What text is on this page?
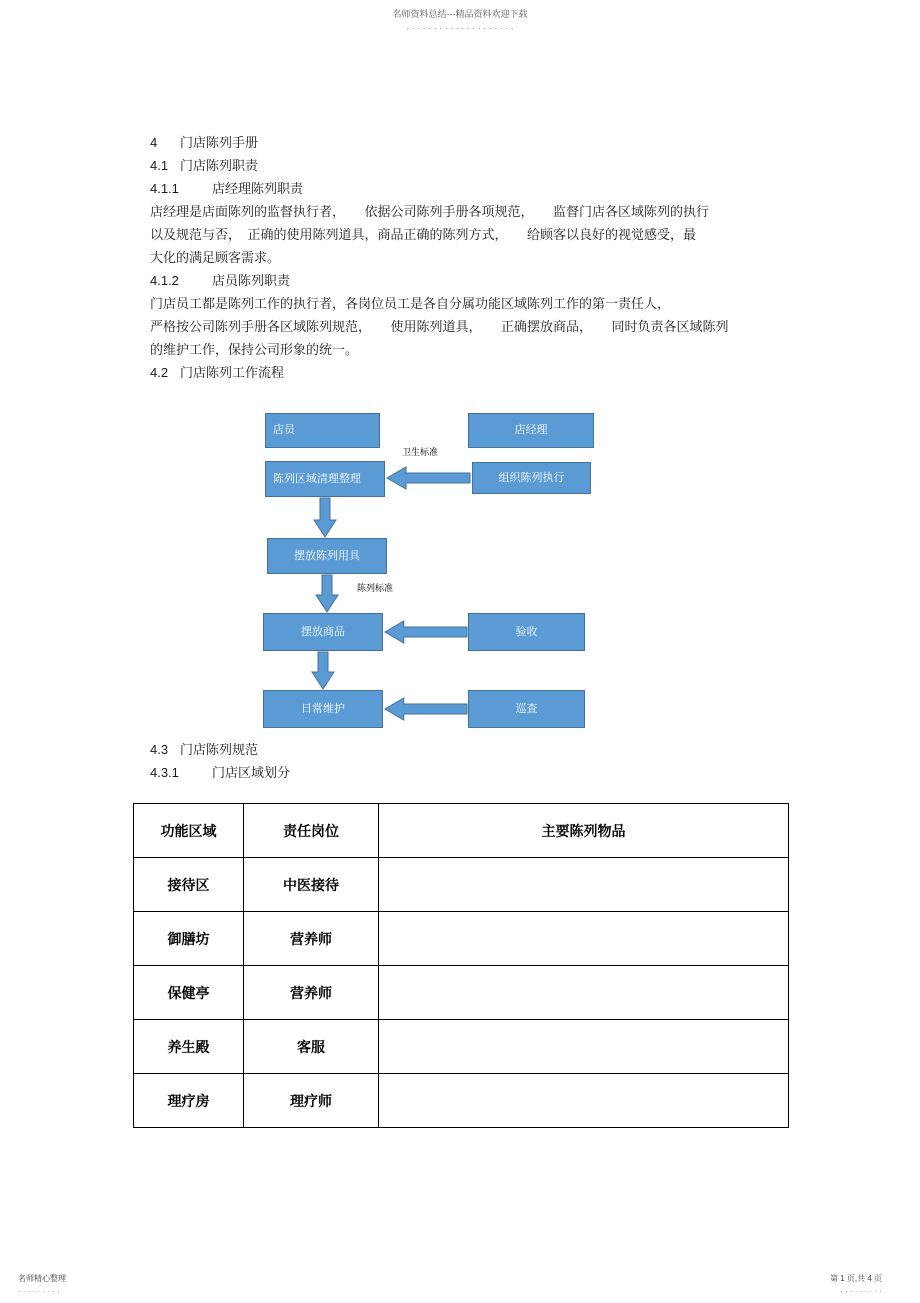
名师资料总结---精品资料欢迎下载
· · · · · · · · · · · · · · · · · · · ·
4 门店陈列手册
4.1 门店陈列职责
4.1.1	店经理陈列职责
店经理是店面陈列的监督执行者，　　依据公司陈列手册各项规范，　　监督门店各区域陈列的执行
以及规范与否，　正确的使用陈列道具，商品正确的陈列方式，　　给顾客以良好的视觉感受，最
大化的满足顾客需求。
4.1.2	店员陈列职责
门店员工都是陈列工作的执行者，各岗位员工是各自分属功能区域陈列工作的第一责任人，
严格按公司陈列手册各区域陈列规范，　　使用陈列道具，　　正确摆放商品，　　同时负责各区域陈列
的维护工作，保持公司形象的统一。
4.2 门店陈列工作流程
店员	店经理
陈列区域清理整理	组织陈列执行
卫生标准
摆放陈列用具
陈列标准
摆放商品	验收
日常维护	巡查
4.3 门店陈列规范
4.3.1	门店区域划分
功能区域	责任岗位	主要陈列物品
接待区	中医接待	
御膳坊	营养师	
保健亭	营养师	
养生殿	客服	
理疗房	理疗师	
名师精心整理
· · · · · · · · ·
第 1 页,共 4 页
· · · · · · · · ·
